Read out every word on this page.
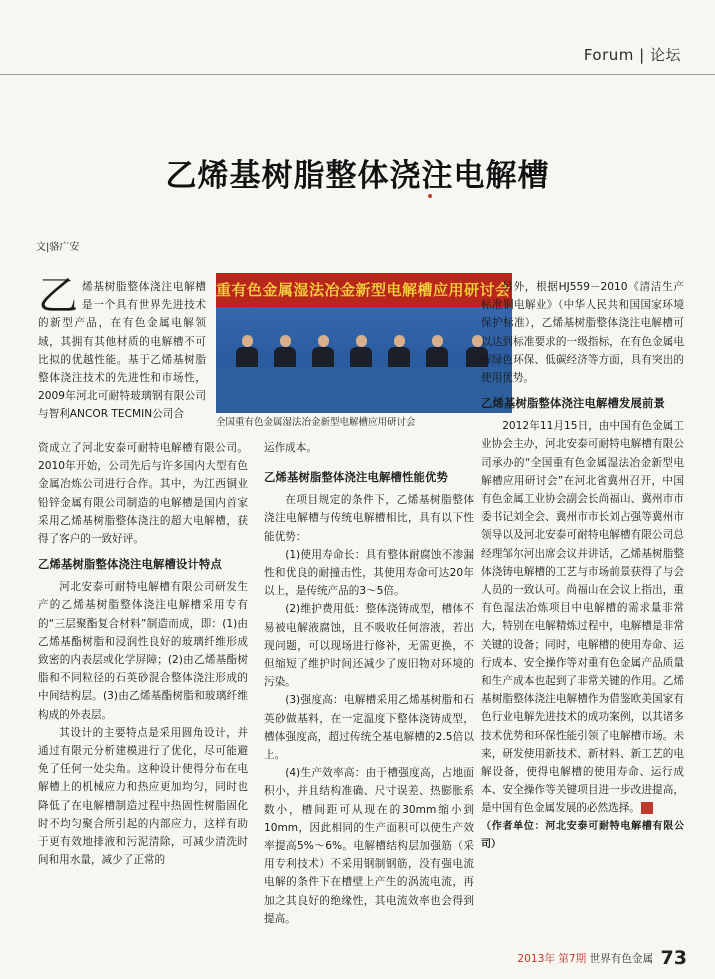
Forum | 论坛
乙烯基树脂整体浇注电解槽
文|骆广安

乙 烯基树脂整体浇注电解槽是一个具有世界先进技术的新型产品，在有色金属电解领域，其拥有其他材质的电解槽不可比拟的优越性能。基于乙烯基树脂整体浇注技术的先进性和市场性，2009年河北可耐特玻璃钢有限公司与智利ANCOR TECMIN公司合

重有色金属湿法冶金新型电解槽应用研讨会
全国重有色金属湿法冶金新型电解槽应用研讨会

资成立了河北安泰可耐特电解槽有限公司。2010年开始，公司先后与许多国内大型有色金属冶炼公司进行合作。其中，为江西铜业铅锌金属有限公司制造的电解槽是国内首家采用乙烯基树脂整体浇注的超大电解槽，获得了客户的一致好评。

乙烯基树脂整体浇注电解槽设计特点

河北安泰可耐特电解槽有限公司研发生产的乙烯基树脂整体浇注电解槽采用专有的“三层聚酯复合材料”制造而成，即：(1)由乙烯基酯树脂和浸润性良好的玻璃纤维形成致密的内表层或化学屏障；(2)由乙烯基酯树脂和不同粒径的石英砂混合整体浇注形成的中间结构层。(3)由乙烯基酯树脂和玻璃纤维构成的外表层。

其设计的主要特点是采用圆角设计，并通过有限元分析建模进行了优化，尽可能避免了任何一处尖角。这种设计使得分布在电解槽上的机械应力和热应更加均匀，同时也降低了在电解槽制造过程中热固性树脂固化时不均匀聚合所引起的内部应力，这样有助于更有效地排液和污泥清除，可减少清洗时间和用水量，减少了正常的

运作成本。

乙烯基树脂整体浇注电解槽性能优势

在项目规定的条件下，乙烯基树脂整体浇注电解槽与传统电解槽相比，具有以下性能优势：

(1)使用寿命长：具有整体耐腐蚀不渗漏性和优良的耐撞击性，其使用寿命可达20年以上，是传统产品的3～5倍。

(2)维护费用低：整体浇铸成型，槽体不易被电解液腐蚀，且不吸收任何溶液，若出现问题，可以现场进行修补，无需更换，不但缩短了维护时间还减少了废旧物对环境的污染。

(3)强度高：电解槽采用乙烯基树脂和石英砂做基料，在一定温度下整体浇铸成型，槽体强度高，超过传统仝基电解槽的2.5倍以上。

(4)生产效率高：由于槽强度高，占地面积小，并且结构准确、尺寸误差、热膨胀系数小，槽间距可从现在的30mm缩小到10mm，因此相同的生产面积可以使生产效率提高5%～6%。电解槽结构层加强筋（采用专利技术）不采用钢制钢筋，没有强电流电解的条件下在槽壁上产生的涡流电流，再加之其良好的绝缘性，其电流效率也会得到提高。

另外，根据HJ559－2010《清洁生产标准铜电解业》（中华人民共和国国家环境保护标准），乙烯基树脂整体浇注电解槽可以达到标准要求的一级指标，在有色金属电解绿色环保、低碳经济等方面，具有突出的使用优势。

乙烯基树脂整体浇注电解槽发展前景

2012年11月15日，由中国有色金属工业协会主办，河北安泰可耐特电解槽有限公司承办的“全国重有色金属湿法冶金新型电解槽应用研讨会”在河北省冀州召开，中国有色金属工业协会副会长尚福山、冀州市市委书记刘全会、冀州市市长刘占强等冀州市领导以及河北安泰可耐特电解槽有限公司总经理邹尔河出席会议并讲话，乙烯基树脂整体浇铸电解槽的工艺与市场前景获得了与会人员的一致认可。尚福山在会议上指出，重有色湿法冶炼项目中电解槽的需求量非常大，特别在电解精炼过程中，电解槽是非常关键的设备；同时，电解槽的使用寿命、运行成本、安全操作等对重有色金属产品质量和生产成本也起到了非常关键的作用。乙烯基树脂整体浇注电解槽作为借鉴欧美国家有色行业电解先进技术的成功案例，以其诸多技术优势和环保性能引领了电解槽市场。未来，研发使用新技术、新材料、新工艺的电解设备，使得电解槽的使用寿命、运行成本、安全操作等关键项目进一步改进提高，是中国有色金属发展的必然选择。	世

（作者单位：河北安泰可耐特电解槽有限公司）

2013年 第7期 世界有色金属 73
